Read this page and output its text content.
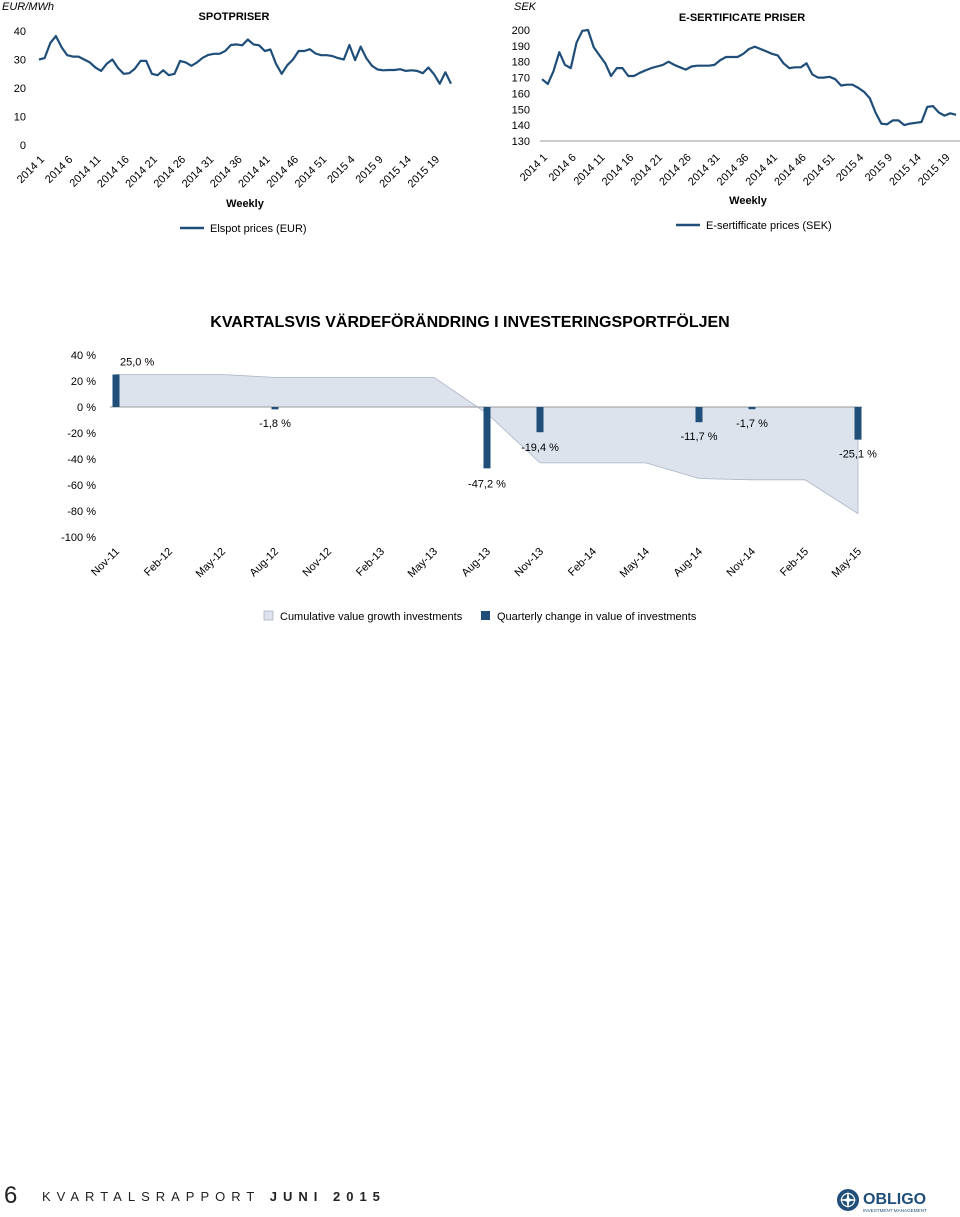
EUR/MWh
SPOTPRISER
0
10
20
30
40
2014 1
2014 6
2014 11
2014 16
2014 21
2014 26
2014 31
2014 36
2014 41
2014 46
2014 51
2015 4
2015 9
2015 14
2015 19
Weekly
Elspot prices (EUR)
SEK
E-SERTIFICATE PRISER
130
140
150
160
170
180
190
200
2014 1
2014 6
2014 11
2014 16
2014 21
2014 26
2014 31
2014 36
2014 41
2014 46
2014 51
2015 4
2015 9
2015 14
2015 19
Weekly
E-sertifficate prices (SEK)
KVARTALSVIS VÄRDEFÖRÄNDRING I INVESTERINGSPORTFÖLJEN
40 %
20 %
0 %
-20 %
-40 %
-60 %
-80 %
-100 %
25,0 %
-1,8 %
-47,2 %
-19,4 %
-11,7 %
-1,7 %
-25,1 %
Nov-11 Feb-12 May-12 Aug-12 Nov-12 Feb-13 May-13 Aug-13 Nov-13 Feb-14 May-14 Aug-14 Nov-14 Feb-15 May-15
Cumulative value growth investments	Quarterly change in value of investments
6 KVARTALSRAPPORT JUNI 2015	OBLIGO
INVESTMENT MANAGEMENT
